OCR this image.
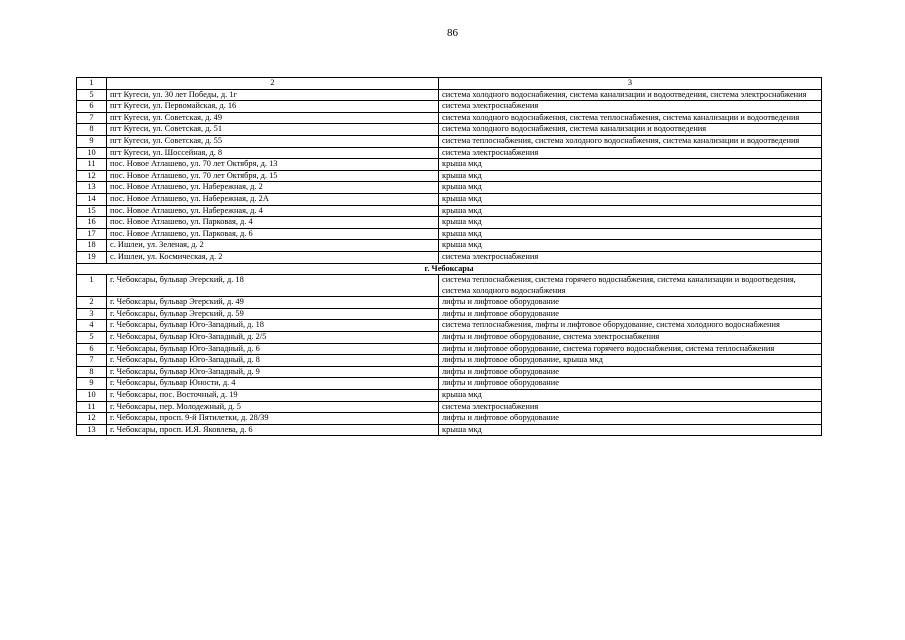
86
1	2	3
5	пгт Кугеси, ул. 30 лет Победы, д. 1г	система холодного водоснабжения, система канализации и водоотведения, система электроснабжения
6	пгт Кугеси, ул. Первомайская, д. 16	система электроснабжения
7	пгт Кугеси, ул. Советская, д. 49	система холодного водоснабжения, система теплоснабжения, система канализации и водоотведения
8	пгт Кугеси, ул. Советская, д. 51	система холодного водоснабжения, система канализации и водоотведения
9	пгт Кугеси, ул. Советская, д. 55	система теплоснабжения, система холодного водоснабжения, система канализации и водоотведения
10	пгт Кугеси, ул. Шоссейная, д. 8	система электроснабжения
11	пос. Новое Атлашево, ул. 70 лет Октября, д. 13	крыша мкд
12	пос. Новое Атлашево, ул. 70 лет Октября, д. 15	крыша мкд
13	пос. Новое Атлашево, ул. Набережная, д. 2	крыша мкд
14	пос. Новое Атлашево, ул. Набережная, д. 2А	крыша мкд
15	пос. Новое Атлашево, ул. Набережная, д. 4	крыша мкд
16	пос. Новое Атлашево, ул. Парковая, д. 4	крыша мкд
17	пос. Новое Атлашево, ул. Парковая, д. 6	крыша мкд
18	с. Ишлеи, ул. Зеленая, д. 2	крыша мкд
19	с. Ишлеи, ул. Космическая, д. 2	система электроснабжения
г. Чебоксары		
1	г. Чебоксары, бульвар Эгерский, д. 18	система теплоснабжения, система горячего водоснабжения, система канализации и водоотведения, система холодного водоснабжения
2	г. Чебоксары, бульвар Эгерский, д. 49	лифты и лифтовое оборудование
3	г. Чебоксары, бульвар Эгерский, д. 59	лифты и лифтовое оборудование
4	г. Чебоксары, бульвар Юго-Западный, д. 18	система теплоснабжения, лифты и лифтовое оборудование, система холодного водоснабжения
5	г. Чебоксары, бульвар Юго-Западный, д. 2/5	лифты и лифтовое оборудование, система электроснабжения
6	г. Чебоксары, бульвар Юго-Западный, д. 6	лифты и лифтовое оборудование, система горячего водоснабжения, система теплоснабжения
7	г. Чебоксары, бульвар Юго-Западный, д. 8	лифты и лифтовое оборудование, крыша мкд
8	г. Чебоксары, бульвар Юго-Западный, д. 9	лифты и лифтовое оборудование
9	г. Чебоксары, бульвар Юности, д. 4	лифты и лифтовое оборудование
10	г. Чебоксары, пос. Восточный, д. 19	крыша мкд
11	г. Чебоксары, пер. Молодежный, д. 5	система электроснабжения
12	г. Чебоксары, просп. 9-й Пятилетки, д. 28/39	лифты и лифтовое оборудование
13	г. Чебоксары, просп. И.Я. Яковлева, д. 6	крыша мкд
